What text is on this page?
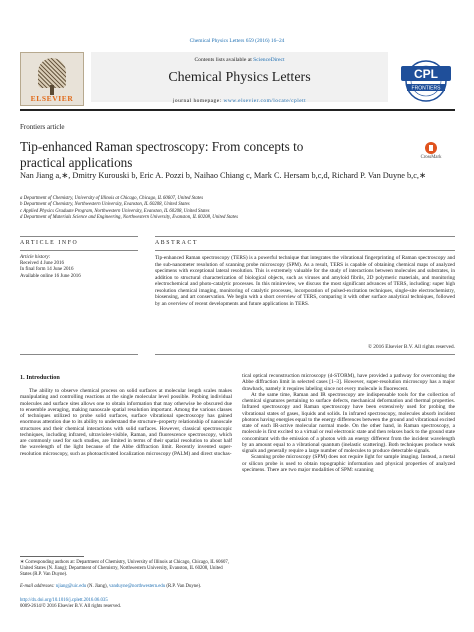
Chemical Physics Letters 659 (2016) 16–24
ELSEVIER
Contents lists available at ScienceDirect
Chemical Physics Letters
journal homepage: www.elsevier.com/locate/cplett
CPL
FRONTIERS
Frontiers article
Tip-enhanced Raman spectroscopy: From concepts to practical applications	CrossMark
Nan Jiang a,∗, Dmitry Kurouski b, Eric A. Pozzi b, Naihao Chiang c, Mark C. Hersam b,c,d, Richard P. Van Duyne b,c,∗
a Department of Chemistry, University of Illinois at Chicago, Chicago, IL 60607, United States
b Department of Chemistry, Northwestern University, Evanston, IL 60208, United States
c Applied Physics Graduate Program, Northwestern University, Evanston, IL 60208, United States
d Department of Materials Science and Engineering, Northwestern University, Evanston, IL 60208, United States
ARTICLE INFO	ABSTRACT
Article history:
Received 4 June 2016
In final form 14 June 2016
Available online 16 June 2016
Tip-enhanced Raman spectroscopy (TERS) is a powerful technique that integrates the vibrational fingerprinting of Raman spectroscopy and the sub-nanometer resolution of scanning probe microscopy (SPM). As a result, TERS is capable of obtaining chemical maps of analyzed specimens with exceptional lateral resolution. This is extremely valuable for the study of interactions between molecules and substrates, in addition to structural characterization of biological objects, such as viruses and amyloid fibrils, 2D polymeric materials, and monitoring electrochemical and photo-catalytic processes. In this minireview, we discuss the most significant advances of TERS, including: super high resolution chemical imaging, monitoring of catalytic processes, incorporation of pulsed-excitation techniques, single-site electrochemistry, biosensing, and art conservation. We begin with a short overview of TERS, comparing it with other surface analytical techniques, followed by an overview of recent developments and future applications in TERS.
© 2016 Elsevier B.V. All rights reserved.
1. Introduction

The ability to observe chemical process on solid surfaces at molecular length scales makes manipulating and controlling reactions at the single molecular level possible. Probing individual molecules and surface sites allows one to obtain information that may otherwise be obscured due to ensemble averaging, making nanoscale spatial resolution important. Among the various classes of techniques utilized to probe solid surfaces, surface vibrational spectroscopy has gained enormous attention due to its ability to understand the structure–property relationship of nanoscale structures and their chemical interactions with solid surfaces. However, classical spectroscopic techniques, including infrared, ultraviolet-visible, Raman, and fluorescence spectroscopy, which are commonly used for such studies, are limited in terms of their spatial resolution to about half the wavelength of the light because of the Abbe diffraction limit. Recently invented super-resolution microscopy, such as photoactivated localization microscopy (PALM) and direct stochas-

tical optical reconstruction microscopy (d-STORM), have provided a pathway for overcoming the Abbe diffraction limit in selected cases [1–3]. However, super-resolution microscopy has a major drawback, namely it requires labeling since not every molecule is fluorescent.

At the same time, Raman and IR spectroscopy are indispensable tools for the collection of chemical signatures pertaining to surface defects, mechanical deformation and thermal properties. Infrared spectroscopy and Raman spectroscopy have been extensively used for probing the vibrational states of gases, liquids and solids. In infrared spectroscopy, molecules absorb incident photons having energies equal to the energy differences between the ground and vibrational excited state of each IR-active molecular normal mode. On the other hand, in Raman spectroscopy, a molecule is first excited to a virtual or real electronic state and then relaxes back to the ground state concomitant with the emission of a photon with an energy different from the incident wavelength by an amount equal to a vibrational quantum (inelastic scattering). Both techniques produce weak signals and generally require a large number of molecules to produce detectable signals.

Scanning probe microscopy (SPM) does not require light for sample imaging. Instead, a metal or silicon probe is used to obtain topographic information and physical properties of analyzed specimens. There are two major modalities of SPM: scanning

∗ Corresponding authors at: Department of Chemistry, University of Illinois at Chicago, Chicago, IL 60607, United States (N. Jiang); Department of Chemistry, Northwestern University, Evanston, IL 60208, United States (R.P. Van Duyne).
E-mail addresses: njiang@uic.edu (N. Jiang), vanduyne@northwestern.edu (R.P. Van Duyne).
http://dx.doi.org/10.1016/j.cplett.2016.06.035
0009-2614/© 2016 Elsevier B.V. All rights reserved.
